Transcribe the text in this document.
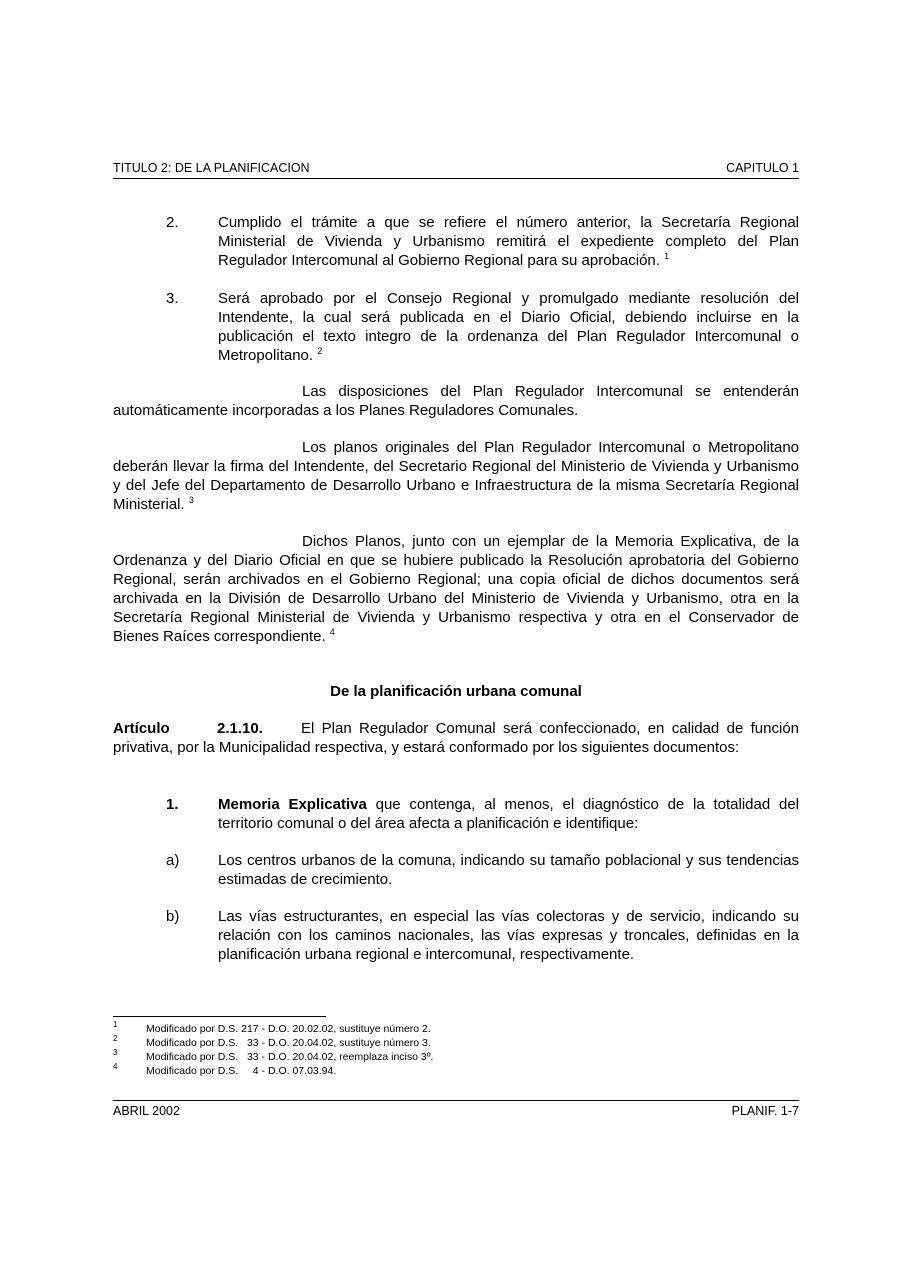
TITULO 2: DE LA PLANIFICACION	CAPITULO 1
2.	Cumplido el trámite a que se refiere el número anterior, la Secretaría Regional Ministerial de Vivienda y Urbanismo remitirá el expediente completo del Plan Regulador Intercomunal al Gobierno Regional para su aprobación. $^1$
3.	Será aprobado por el Consejo Regional y promulgado mediante resolución del Intendente, la cual será publicada en el Diario Oficial, debiendo incluirse en la publicación el texto integro de la ordenanza del Plan Regulador Intercomunal o Metropolitano. $^2$
Las disposiciones del Plan Regulador Intercomunal se entenderán automáticamente incorporadas a los Planes Reguladores Comunales.
Los planos originales del Plan Regulador Intercomunal o Metropolitano deberán llevar la firma del Intendente, del Secretario Regional del Ministerio de Vivienda y Urbanismo y del Jefe del Departamento de Desarrollo Urbano e Infraestructura de la misma Secretaría Regional Ministerial. $^3$
Dichos Planos, junto con un ejemplar de la Memoria Explicativa, de la Ordenanza y del Diario Oficial en que se hubiere publicado la Resolución aprobatoria del Gobierno Regional, serán archivados en el Gobierno Regional; una copia oficial de dichos documentos será archivada en la División de Desarrollo Urbano del Ministerio de Vivienda y Urbanismo, otra en la Secretaría Regional Ministerial de Vivienda y Urbanismo respectiva y otra en el Conservador de Bienes Raíces correspondiente. $^4$
De la planificación urbana comunal
Artículo	2.1.10.	El Plan Regulador Comunal será confeccionado, en calidad de función privativa, por la Municipalidad respectiva, y estará conformado por los siguientes documentos:
1.	Memoria Explicativa que contenga, al menos, el diagnóstico de la totalidad del territorio comunal o del área afecta a planificación e identifique:
a)	Los centros urbanos de la comuna, indicando su tamaño poblacional y sus tendencias estimadas de crecimiento.
b)	Las vías estructurantes, en especial las vías colectoras y de servicio, indicando su relación con los caminos nacionales, las vías expresas y troncales, definidas en la planificación urbana regional e intercomunal, respectivamente.
1	Modificado por D.S. 217 - D.O. 20.02.02, sustituye número 2.
2	Modificado por D.S.   33 - D.O. 20.04.02, sustituye número 3.
3	Modificado por D.S.   33 - D.O. 20.04.02, reemplaza inciso 3º.
4	Modificado por D.S.     4 - D.O. 07.03.94.
ABRIL 2002	PLANIF. 1-7
